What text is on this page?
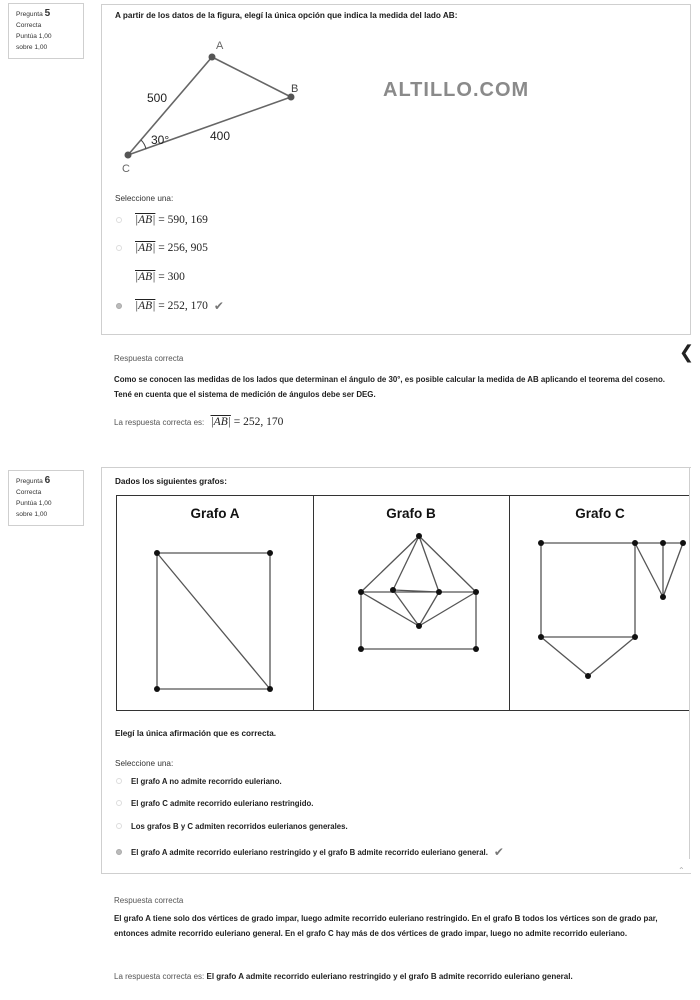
Pregunta 5
Correcta
Puntúa 1,00
sobre 1,00
A partir de los datos de la figura, elegí la única opción que indica la medida del lado AB:
A
B
C
500
400
30°
ALTILLO.COM
Seleccione una:
|AB| = 590, 169
|AB| = 256, 905
|AB| = 300
|AB| = 252, 170 ✔
❮
Respuesta correcta
Como se conocen las medidas de los lados que determinan el ángulo de 30°, es posible calcular la medida de AB aplicando el teorema del coseno. Tené en cuenta que el sistema de medición de ángulos debe ser DEG.
La respuesta correcta es: |AB| = 252, 170
Pregunta 6
Correcta
Puntúa 1,00
sobre 1,00
Dados los siguientes grafos:
Grafo A	Grafo B	Grafo C
Elegí la única afirmación que es correcta.
Seleccione una:
El grafo A no admite recorrido euleriano.
El grafo C admite recorrido euleriano restringido.
Los grafos B y C admiten recorridos eulerianos generales.
El grafo A admite recorrido euleriano restringido y el grafo B admite recorrido euleriano general. ✔
⌃
Respuesta correcta
El grafo A tiene solo dos vértices de grado impar, luego admite recorrido euleriano restringido. En el grafo B todos los vértices son de grado par, entonces admite recorrido euleriano general. En el grafo C hay más de dos vértices de grado impar, luego no admite recorrido euleriano.
La respuesta correcta es: El grafo A admite recorrido euleriano restringido y el grafo B admite recorrido euleriano general.
